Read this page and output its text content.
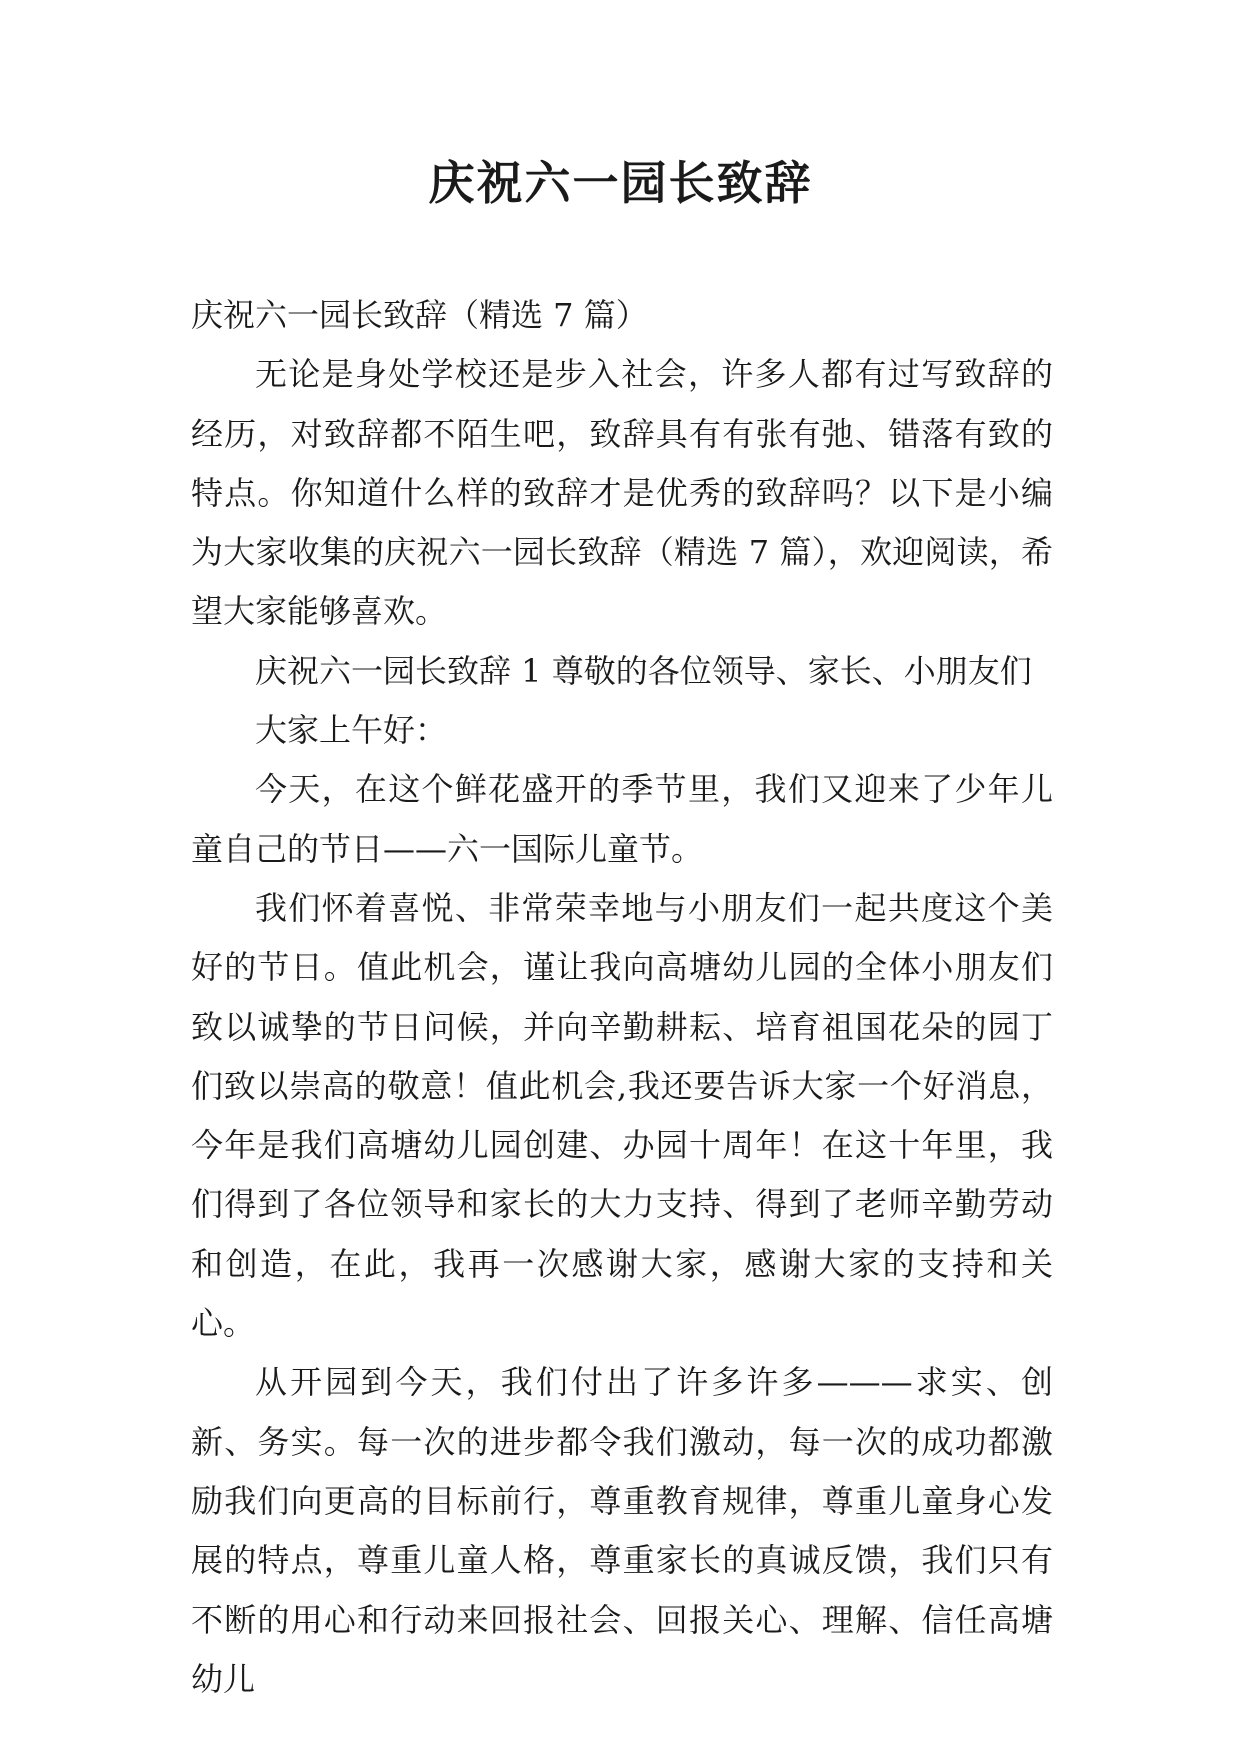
庆祝六一园长致辞

庆祝六一园长致辞（精选 7 篇）

无论是身处学校还是步入社会，许多人都有过写致辞的经历，对致辞都不陌生吧，致辞具有有张有弛、错落有致的特点。你知道什么样的致辞才是优秀的致辞吗？以下是小编为大家收集的庆祝六一园长致辞（精选 7 篇），欢迎阅读，希望大家能够喜欢。

庆祝六一园长致辞 1 尊敬的各位领导、家长、小朋友们

大家上午好：

今天，在这个鲜花盛开的季节里，我们又迎来了少年儿童自己的节日——六一国际儿童节。

我们怀着喜悦、非常荣幸地与小朋友们一起共度这个美好的节日。值此机会，谨让我向高塘幼儿园的全体小朋友们致以诚挚的节日问候，并向辛勤耕耘、培育祖国花朵的园丁们致以崇高的敬意！值此机会,我还要告诉大家一个好消息，今年是我们高塘幼儿园创建、办园十周年！在这十年里，我们得到了各位领导和家长的大力支持、得到了老师辛勤劳动和创造，在此，我再一次感谢大家，感谢大家的支持和关心。

从开园到今天，我们付出了许多许多———求实、创新、务实。每一次的进步都令我们激动，每一次的成功都激励我们向更高的目标前行，尊重教育规律，尊重儿童身心发展的特点，尊重儿童人格，尊重家长的真诚反馈，我们只有不断的用心和行动来回报社会、回报关心、理解、信任高塘幼儿
